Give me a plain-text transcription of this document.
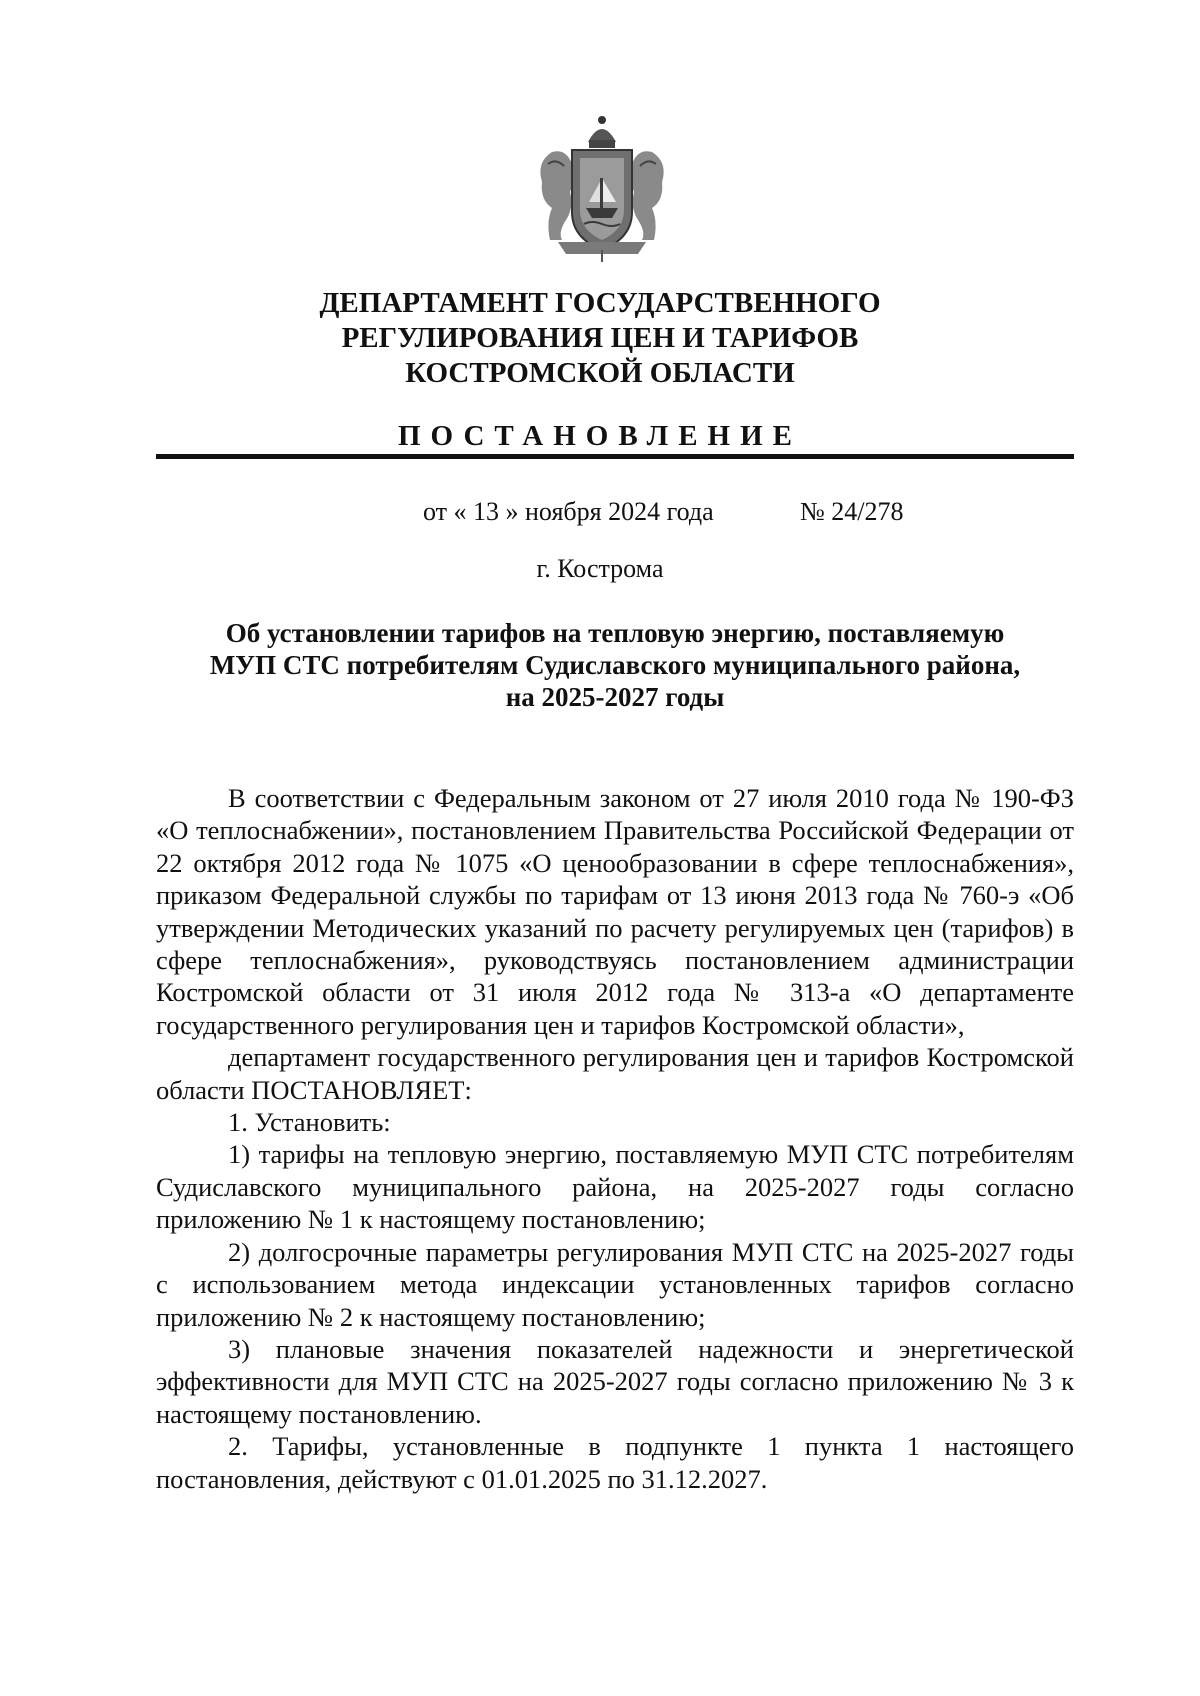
ДЕПАРТАМЕНТ ГОСУДАРСТВЕННОГО
РЕГУЛИРОВАНИЯ ЦЕН И ТАРИФОВ
КОСТРОМСКОЙ ОБЛАСТИ
ПОСТАНОВЛЕНИЕ
от « 13 » ноября 2024 года	№ 24/278
г. Кострома
Об установлении тарифов на тепловую энергию, поставляемую
МУП СТС потребителям Судиславского муниципального района,
на 2025-2027 годы

В соответствии с Федеральным законом от 27 июля 2010 года № 190-ФЗ «О теплоснабжении», постановлением Правительства Российской Федерации от 22 октября 2012 года № 1075 «О ценообразовании в сфере теплоснабжения», приказом Федеральной службы по тарифам от 13 июня 2013 года № 760-э «Об утверждении Методических указаний по расчету регулируемых цен (тарифов) в сфере теплоснабжения», руководствуясь постановлением администрации Костромской области от 31 июля 2012 года № 313-а «О департаменте государственного регулирования цен и тарифов Костромской области»,

департамент государственного регулирования цен и тарифов Костромской области ПОСТАНОВЛЯЕТ:

1. Установить:

1) тарифы на тепловую энергию, поставляемую МУП СТС потребителям Судиславского муниципального района, на 2025-2027 годы согласно приложению № 1 к настоящему постановлению;

2) долгосрочные параметры регулирования МУП СТС на 2025-2027 годы с использованием метода индексации установленных тарифов согласно приложению № 2 к настоящему постановлению;

3) плановые значения показателей надежности и энергетической эффективности для МУП СТС на 2025-2027 годы согласно приложению № 3 к настоящему постановлению.

2. Тарифы, установленные в подпункте 1 пункта 1 настоящего постановления, действуют с 01.01.2025 по 31.12.2027.
